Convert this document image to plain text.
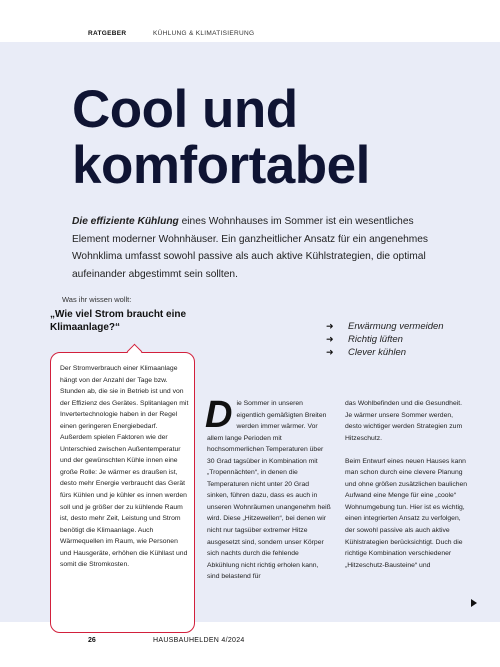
RATGEBER	KÜHLUNG & KLIMATISIERUNG
Cool und
komfortabel
Die effiziente Kühlung eines Wohnhauses im Sommer ist ein wesentliches Element moderner Wohnhäuser. Ein ganzheitlicher Ansatz für ein angenehmes Wohnklima umfasst sowohl passive als auch aktive Kühlstrategien, die optimal aufeinander abgestimmt sein sollten.
Was ihr wissen wollt:
„Wie viel Strom braucht eine Klimaanlage?“	➜	Erwärmung vermeiden
➜	Richtig lüften
➜	Clever kühlen
Der Stromverbrauch einer Klimaanlage hängt von der Anzahl der Tage bzw. Stunden ab, die sie in Betrieb ist und von der Effizienz des Gerätes. Splitanlagen mit Invertertechnologie haben in der Regel einen geringeren Energiebedarf. Außerdem spielen Faktoren wie der Unterschied zwischen Außentemperatur und der gewünschten Kühle innen eine große Rolle: Je wärmer es draußen ist, desto mehr Energie verbraucht das Gerät fürs Kühlen und je kühler es innen werden soll und je größer der zu kühlende Raum ist, desto mehr Zeit, Leistung und Strom benötigt die Klimaanlage. Auch Wärmequellen im Raum, wie Personen und Hausgeräte, erhöhen die Kühllast und somit die Stromkosten.
Die Sommer in unseren eigentlich gemäßigten Breiten werden immer wärmer. Vor allem lange Perioden mit hochsommerlichen Temperaturen über 30 Grad tagsüber in Kombination mit „Tropennächten“, in denen die Temperaturen nicht unter 20 Grad sinken, führen dazu, dass es auch in unseren Wohnräumen unangenehm heiß wird. Diese „Hitzewellen“, bei denen wir nicht nur tagsüber extremer Hitze ausgesetzt sind, sondern unser Körper sich nachts durch die fehlende Abkühlung nicht richtig erholen kann, sind belastend für

das Wohlbefinden und die Gesundheit. Je wärmer unsere Sommer werden, desto wichtiger werden Strategien zum Hitzeschutz.

Beim Entwurf eines neuen Hauses kann man schon durch eine clevere Planung und ohne größen zusätzlichen baulichen Aufwand eine Menge für eine „coole“ Wohnumgebung tun. Hier ist es wichtig, einen integrierten Ansatz zu verfolgen, der sowohl passive als auch aktive Kühlstrategien berücksichtigt. Duch die richtige Kombination verschiedener „Hitzeschutz-Bausteine“ und

26	HAUSBAUHELDEN 4/2024
